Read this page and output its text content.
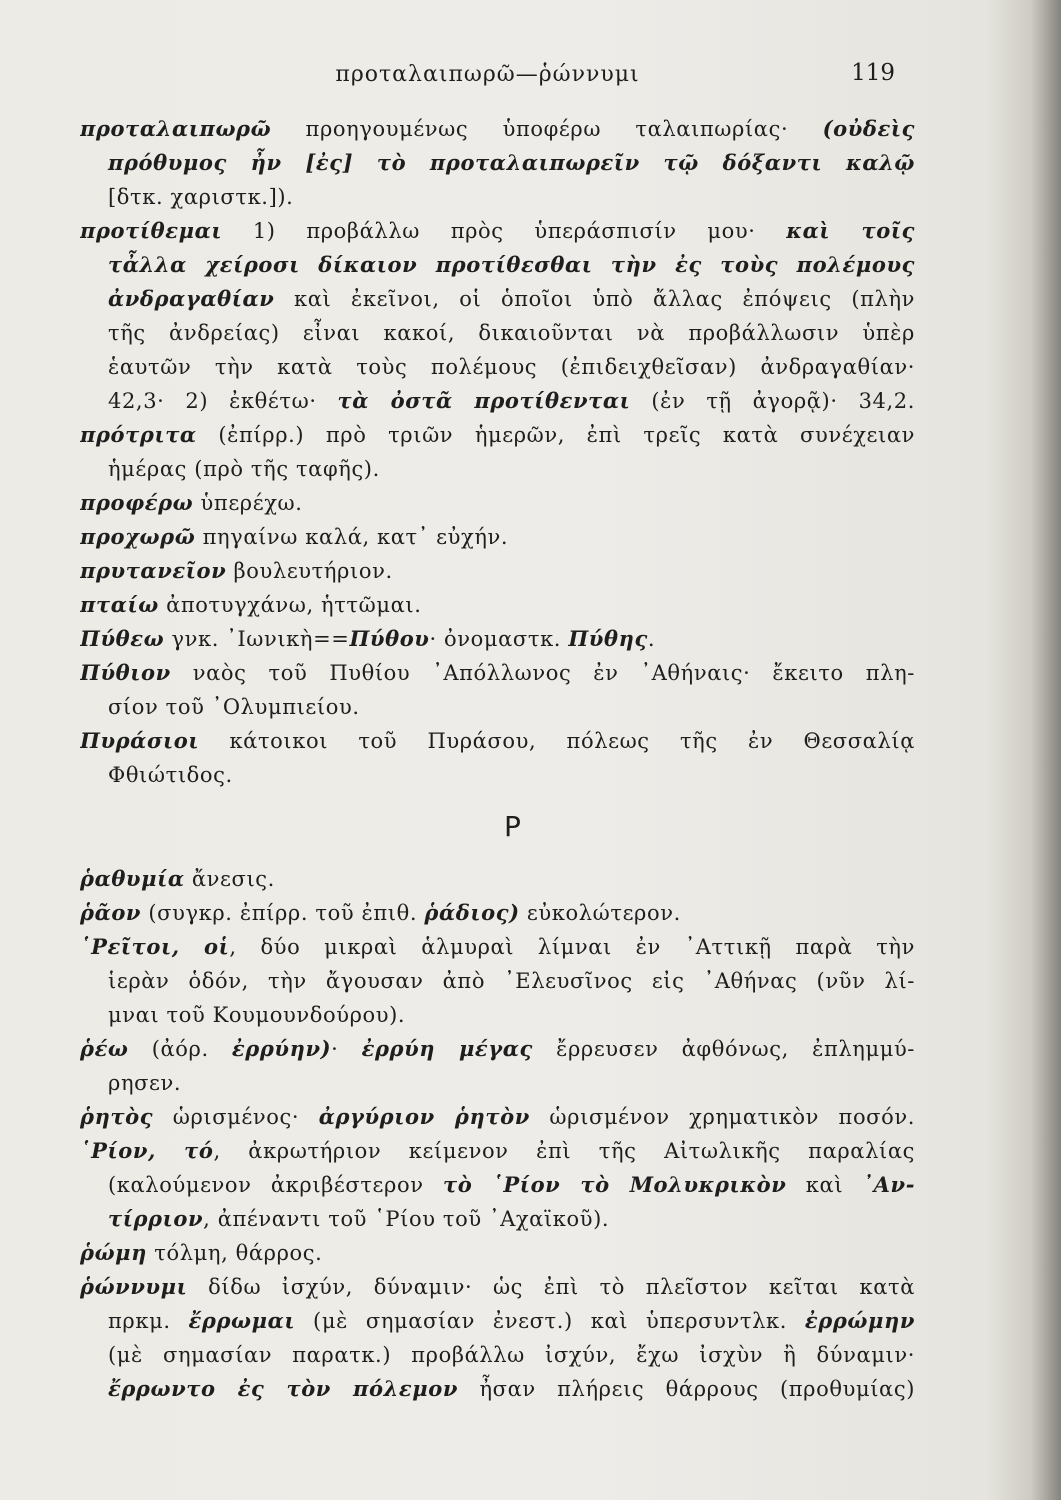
προταλαιπωρῶ—ῥώννυμι	119
προταλαιπωρῶ προηγουμένως ὑποφέρω ταλαιπωρίας· (οὐδεὶς
πρόθυμος ἦν [ἐς] τὸ προταλαιπωρεῖν τῷ δόξαντι καλῷ
[δτκ. χαριστκ.]).
προτίθεμαι 1) προβάλλω πρὸς ὑπεράσπισίν μου· καὶ τοῖς
τἆλλα χείροσι δίκαιον προτίθεσθαι τὴν ἐς τοὺς πολέμους
ἀνδραγαθίαν καὶ ἐκεῖνοι, οἱ ὁποῖοι ὑπὸ ἄλλας ἐπόψεις (πλὴν
τῆς ἀνδρείας) εἶναι κακοί, δικαιοῦνται νὰ προβάλλωσιν ὑπὲρ
ἑαυτῶν τὴν κατὰ τοὺς πολέμους (ἐπιδειχθεῖσαν) ἀνδραγαθίαν·
42,3· 2) ἐκθέτω· τὰ ὀστᾶ προτίθενται (ἐν τῇ ἀγορᾷ)· 34,2.
πρότριτα (ἐπίρρ.) πρὸ τριῶν ἡμερῶν, ἐπὶ τρεῖς κατὰ συνέχειαν
ἡμέρας (πρὸ τῆς ταφῆς).
προφέρω ὑπερέχω.
προχωρῶ πηγαίνω καλά, κατ᾿ εὐχήν.
πρυτανεῖον βουλευτήριον.
πταίω ἀποτυγχάνω, ἡττῶμαι.
Πύθεω γνκ. ᾿Ιωνικὴ==Πύθου· ὀνομαστκ. Πύθης.
Πύθιον ναὸς τοῦ Πυθίου ᾿Απόλλωνος ἐν ᾿Αθήναις· ἔκειτο πλη-
σίον τοῦ ᾿Ολυμπιείου.
Πυράσιοι κάτοικοι τοῦ Πυράσου, πόλεως τῆς ἐν Θεσσαλίᾳ
Φθιώτιδος.
Ρ
ῥαθυμία ἄνεσις.
ῥᾶον (συγκρ. ἐπίρρ. τοῦ ἐπιθ. ῥάδιος) εὐκολώτερον.
῾Ρεῖτοι, οἱ, δύο μικραὶ ἁλμυραὶ λίμναι ἐν ᾿Αττικῇ παρὰ τὴν
ἱερὰν ὁδόν, τὴν ἄγουσαν ἀπὸ ᾿Ελευσῖνος εἰς ᾿Αθήνας (νῦν λί-
μναι τοῦ Κουμουνδούρου).
ῥέω (ἀόρ. ἐρρύην)· ἐρρύη μέγας ἔρρευσεν ἀφθόνως, ἐπλημμύ-
ρησεν.
ῥητὸς ὡρισμένος· ἀργύριον ῥητὸν ὡρισμένον χρηματικὸν ποσόν.
῾Ρίον, τό, ἀκρωτήριον κείμενον ἐπὶ τῆς Αἰτωλικῆς παραλίας
(καλούμενον ἀκριβέστερον τὸ ῾Ρίον τὸ Μολυκρικὸν καὶ ᾿Αν-
τίρριον, ἀπέναντι τοῦ ῾Ρίου τοῦ ᾿Αχαϊκοῦ).
ῥώμη τόλμη, θάρρος.
ῥώννυμι δίδω ἰσχύν, δύναμιν· ὡς ἐπὶ τὸ πλεῖστον κεῖται κατὰ
πρκμ. ἔρρωμαι (μὲ σημασίαν ἐνεστ.) καὶ ὑπερσυντλκ. ἐρρώμην
(μὲ σημασίαν παρατκ.) προβάλλω ἰσχύν, ἔχω ἰσχὺν ἢ δύναμιν·
ἔρρωντο ἐς τὸν πόλεμον ἦσαν πλήρεις θάρρους (προθυμίας)
